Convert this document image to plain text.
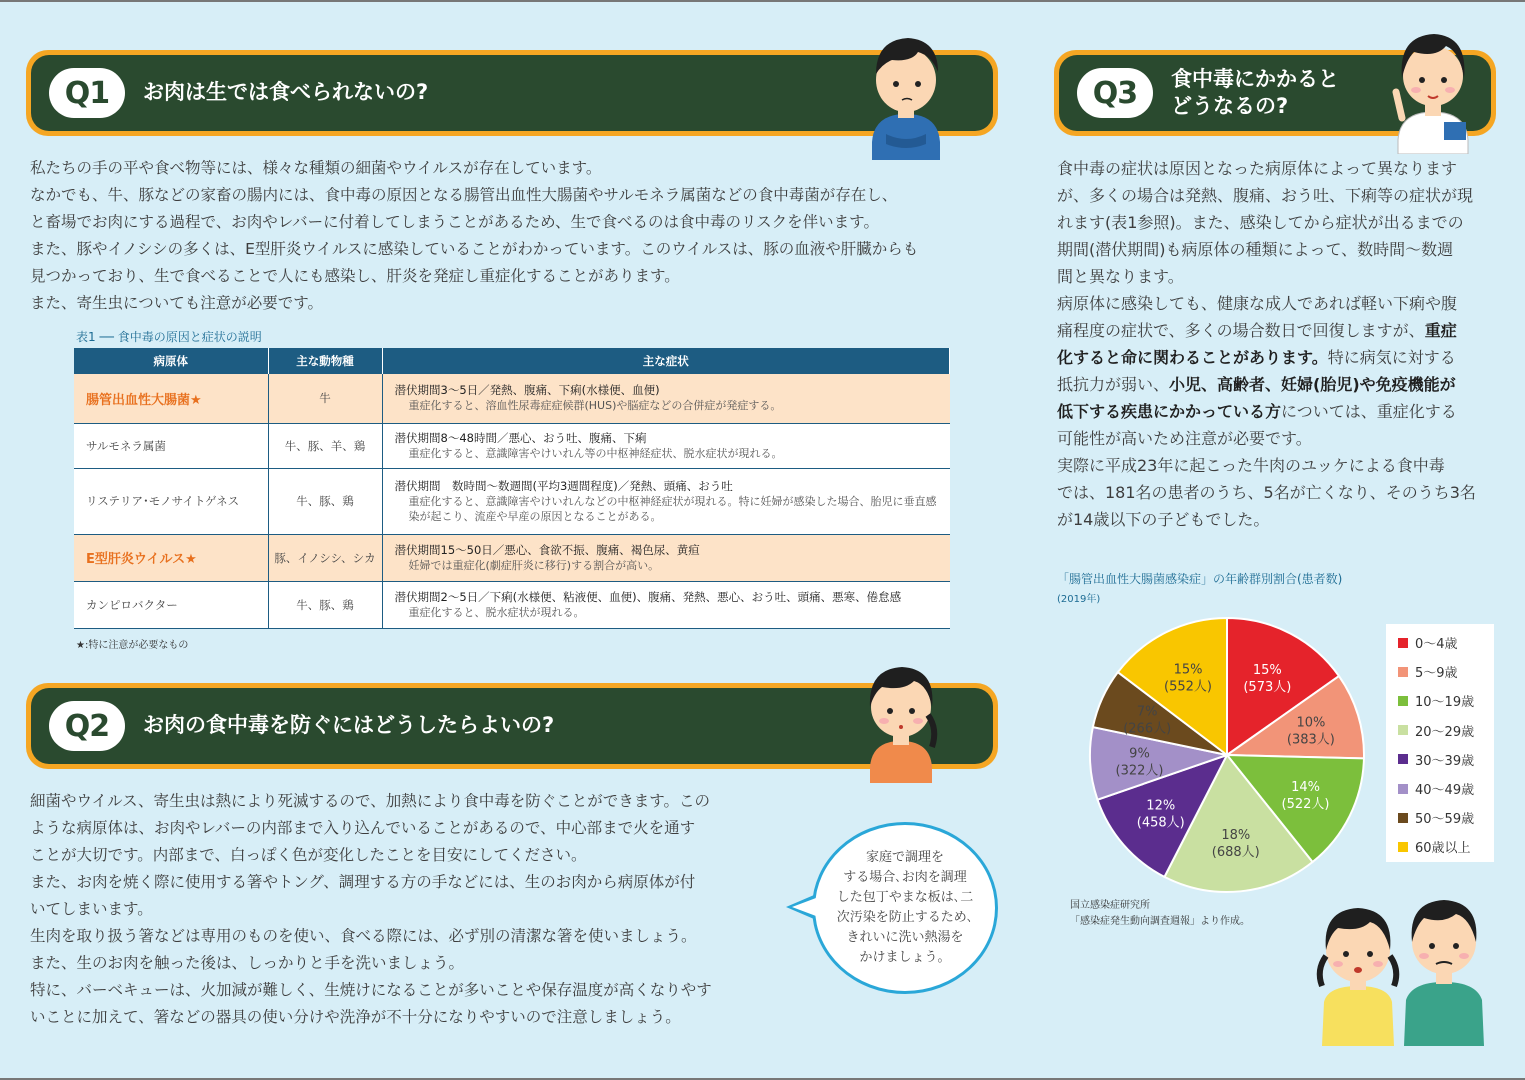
Q1	お肉は生では食べられないの?

私たちの手の平や食べ物等には、様々な種類の細菌やウイルスが存在しています。

なかでも、牛、豚などの家畜の腸内には、食中毒の原因となる腸管出血性大腸菌やサルモネラ属菌などの食中毒菌が存在し、

と畜場でお肉にする過程で、お肉やレバーに付着してしまうことがあるため、生で食べるのは食中毒のリスクを伴います。

また、豚やイノシシの多くは、E型肝炎ウイルスに感染していることがわかっています。このウイルスは、豚の血液や肝臓からも

見つかっており、生で食べることで人にも感染し、肝炎を発症し重症化することがあります。

また、寄生虫についても注意が必要です。

表1 ── 食中毒の原因と症状の説明
病原体	主な動物種	主な症状
腸管出血性大腸菌★	牛	潜伏期間3～5日／発熱、腹痛、下痢(水様便、血便)
重症化すると、溶血性尿毒症症候群(HUS)や脳症などの合併症が発症する。

サルモネラ属菌	牛、豚、羊、鶏	潜伏期間8～48時間／悪心、おう吐、腹痛、下痢
重症化すると、意識障害やけいれん等の中枢神経症状、脱水症状が現れる。

リステリア･モノサイトゲネス	牛、豚、鶏	潜伏期間　数時間～数週間(平均3週間程度)／発熱、頭痛、おう吐
重症化すると、意識障害やけいれんなどの中枢神経症状が現れる。特に妊婦が感染した場合、胎児に垂直感染が起こり、流産や早産の原因となることがある。

E型肝炎ウイルス★	豚、イノシシ、シカ	潜伏期間15～50日／悪心、食欲不振、腹痛、褐色尿、黄疸
妊婦では重症化(劇症肝炎に移行)する割合が高い。

カンピロバクター	牛、豚、鶏	潜伏期間2～5日／下痢(水様便、粘液便、血便)、腹痛、発熱、悪心、おう吐、頭痛、悪寒、倦怠感
重症化すると、脱水症状が現れる。
★:特に注意が必要なもの
Q2	お肉の食中毒を防ぐにはどうしたらよいの?

細菌やウイルス、寄生虫は熱により死滅するので、加熱により食中毒を防ぐことができます。この

ような病原体は、お肉やレバーの内部まで入り込んでいることがあるので、中心部まで火を通す

ことが大切です。内部まで、白っぽく色が変化したことを目安にしてください。

また、お肉を焼く際に使用する箸やトング、調理する方の手などには、生のお肉から病原体が付

いてしまいます。

生肉を取り扱う箸などは専用のものを使い、食べる際には、必ず別の清潔な箸を使いましょう。

また、生のお肉を触った後は、しっかりと手を洗いましょう。

特に、バーベキューは、火加減が難しく、生焼けになることが多いことや保存温度が高くなりやす

いことに加えて、箸などの器具の使い分けや洗浄が不十分になりやすいので注意しましょう。

家庭で調理を
する場合､お肉を調理
した包丁やまな板は､二
次汚染を防止するため､
きれいに洗い熱湯を
かけましょう。
Q3	食中毒にかかると
どうなるの?

食中毒の症状は原因となった病原体によって異なります

が、多くの場合は発熱、腹痛、おう吐、下痢等の症状が現

れます(表1参照)。また、感染してから症状が出るまでの

期間(潜伏期間)も病原体の種類によって、数時間～数週

間と異なります。

病原体に感染しても、健康な成人であれば軽い下痢や腹

痛程度の症状で、多くの場合数日で回復しますが、重症

化すると命に関わることがあります。特に病気に対する

抵抗力が弱い、小児、高齢者、妊婦(胎児)や免疫機能が

低下する疾患にかかっている方については、重症化する

可能性が高いため注意が必要です。

実際に平成23年に起こった牛肉のユッケによる食中毒

では、181名の患者のうち、5名が亡くなり、そのうち3名

が14歳以下の子どもでした。

「腸管出血性大腸菌感染症」の年齢群別割合(患者数)
(2019年)
15%
(573人)
10%
(383人)
14%
(522人)
18%
(688人)
12%
(458人)
9%
(322人)
7%
(266人)
15%
(552人)
0～4歳
5～9歳
10～19歳
20～29歳
30～39歳
40～49歳
50～59歳
60歳以上
国立感染症研究所
「感染症発生動向調査週報」より作成。
